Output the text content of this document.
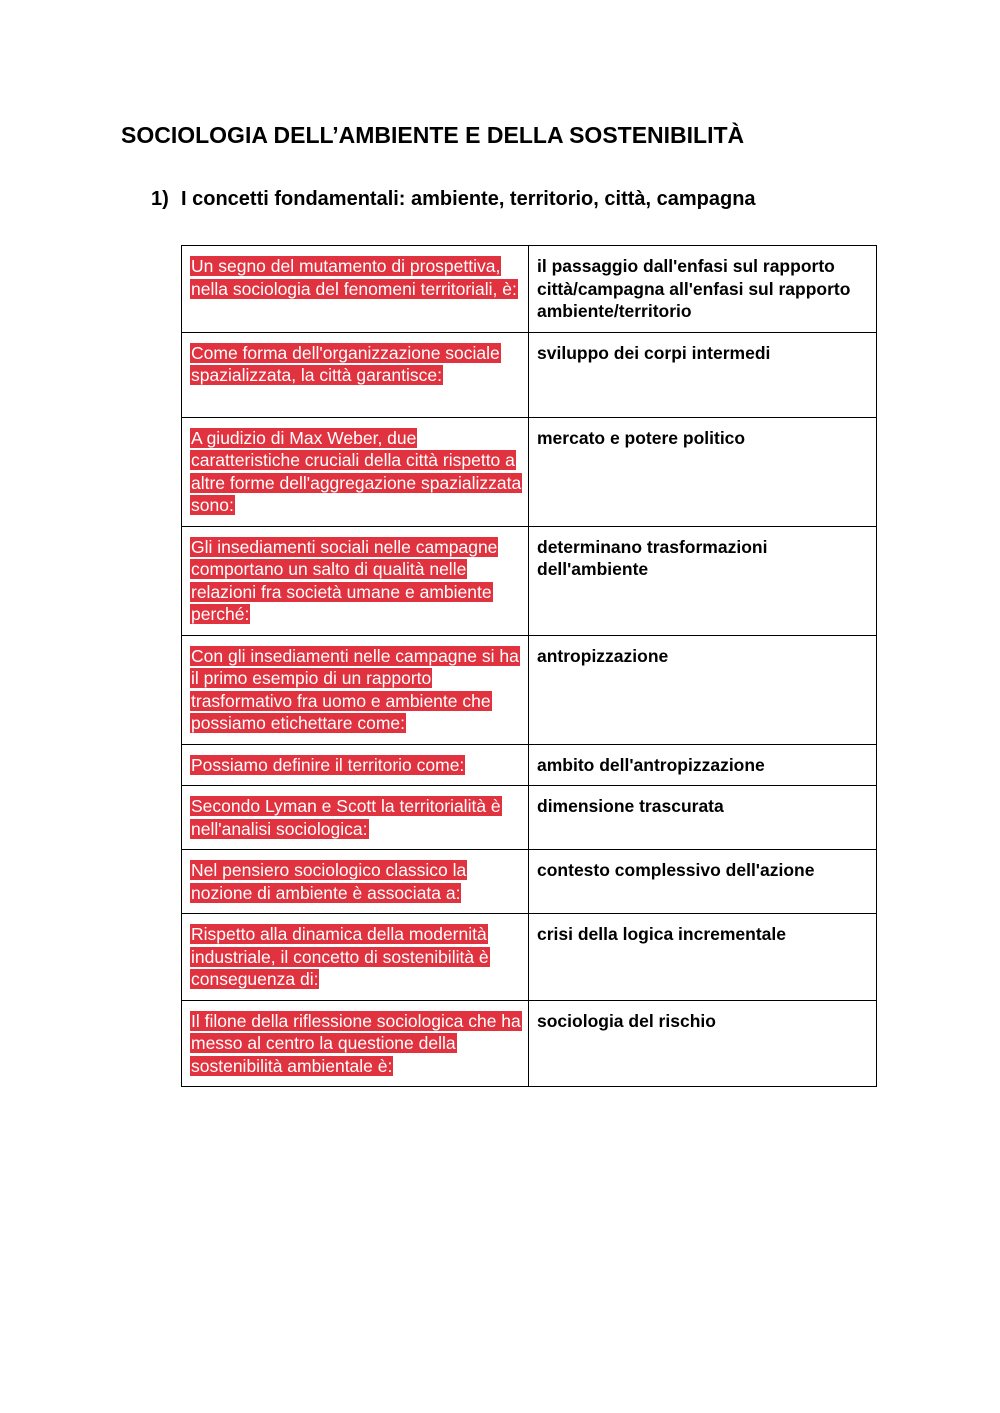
SOCIOLOGIA DELL’AMBIENTE E DELLA SOSTENIBILITÀ
1) I concetti fondamentali: ambiente, territorio, città, campagna
Un segno del mutamento di prospettiva, nella sociologia del fenomeni territoriali, è:	il passaggio dall'enfasi sul rapporto città/campagna all'enfasi sul rapporto ambiente/territorio
Come forma dell'organizzazione sociale spazializzata, la città garantisce:	sviluppo dei corpi intermedi
A giudizio di Max Weber, due caratteristiche cruciali della città rispetto a altre forme dell'aggregazione spazializzata sono:	mercato e potere politico
Gli insediamenti sociali nelle campagne comportano un salto di qualità nelle relazioni fra società umane e ambiente perché:	determinano trasformazioni dell'ambiente
Con gli insediamenti nelle campagne si ha il primo esempio di un rapporto trasformativo fra uomo e ambiente che possiamo etichettare come:	antropizzazione
Possiamo definire il territorio come:	ambito dell'antropizzazione
Secondo Lyman e Scott la territorialità è nell'analisi sociologica:	dimensione trascurata
Nel pensiero sociologico classico la nozione di ambiente è associata a:	contesto complessivo dell'azione
Rispetto alla dinamica della modernità industriale, il concetto di sostenibilità è conseguenza di:	crisi della logica incrementale
Il filone della riflessione sociologica che ha messo al centro la questione della sostenibilità ambientale è:	sociologia del rischio
